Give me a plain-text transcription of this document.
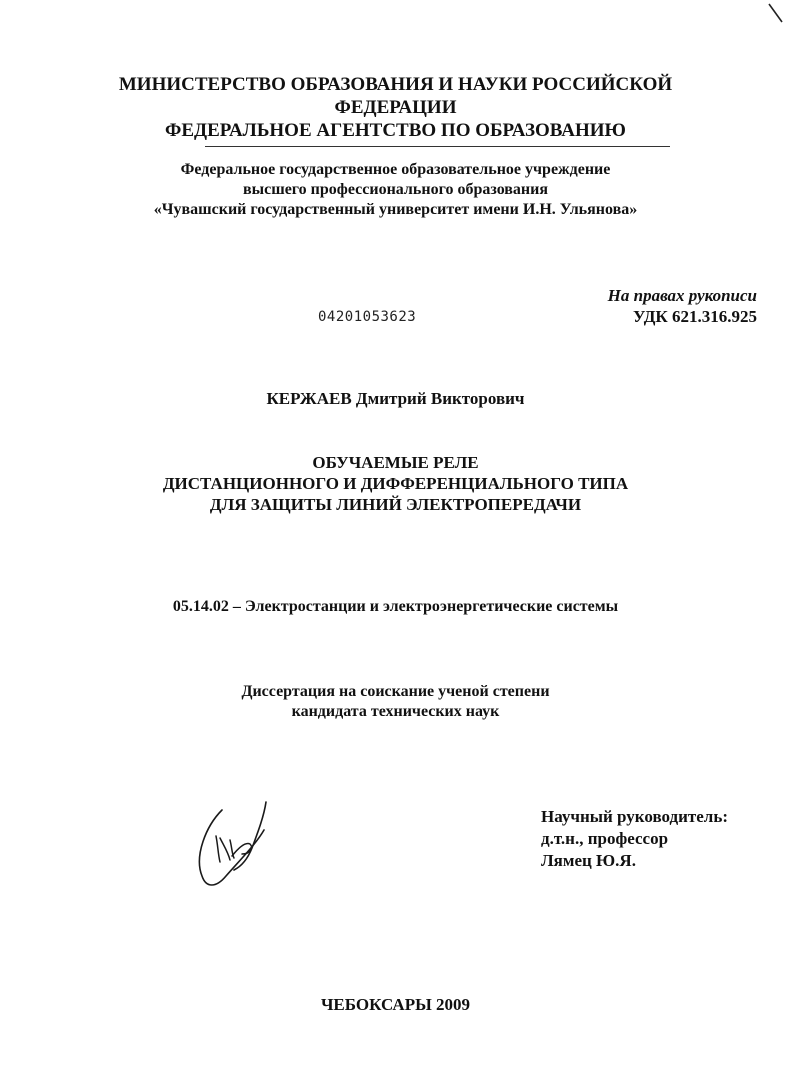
МИНИСТЕРСТВО ОБРАЗОВАНИЯ И НАУКИ РОССИЙСКОЙ
ФЕДЕРАЦИИ
ФЕДЕРАЛЬНОЕ АГЕНТСТВО ПО ОБРАЗОВАНИЮ
Федеральное государственное образовательное учреждение
высшего профессионального образования
«Чувашский государственный университет имени И.Н. Ульянова»
На правах рукописи
УДК 621.316.925
04201053623
КЕРЖАЕВ Дмитрий Викторович
ОБУЧАЕМЫЕ РЕЛЕ
ДИСТАНЦИОННОГО И ДИФФЕРЕНЦИАЛЬНОГО ТИПА
ДЛЯ ЗАЩИТЫ ЛИНИЙ ЭЛЕКТРОПЕРЕДАЧИ
05.14.02 – Электростанции и электроэнергетические системы
Диссертация на соискание ученой степени
кандидата технических наук
Научный руководитель:
д.т.н., профессор
Лямец Ю.Я.
ЧЕБОКСАРЫ 2009
